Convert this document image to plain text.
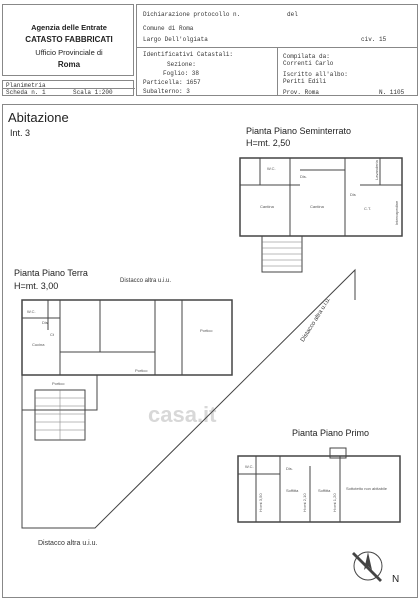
Agenzia delle Entrate
CATASTO FABBRICATI
Ufficio Provinciale di
Roma
Dichiarazione protocollo n.	del
Comune di Roma
Largo Dell'olgiata	civ. 15
Identificativi Catastali:
Sezione:
Foglio: 38
Particella: 1657
Subalterno: 3
Compilata da:
Correnti Carlo
Iscritto all'albo:
Periti Edili
Prov. Roma	N. 1105
Planimetria
Scheda n. 1	Scala 1:200
Abitazione
Int. 3	Pianta Piano Seminterrato
H=mt. 2,50
Pianta Piano Terra
H=mt. 3,00
Pianta Piano Primo
Distacco altra u.i.u.
Distacco altra u.i.u.
Distacco altra u.i.u.
casa.it
W.C.
Dis.
Cantina	Cantina
Dis
C.T.
Lavanderia
Intercapedine
W.C.
Dis.
Ct
Cucina
Portico
Portico
Portico
W.C.	Dis.
Soffitta	Soffitta	Sottotetto non abitabile
H=mt 3,50	H=mt 2,10	H=mt 1,20
N
